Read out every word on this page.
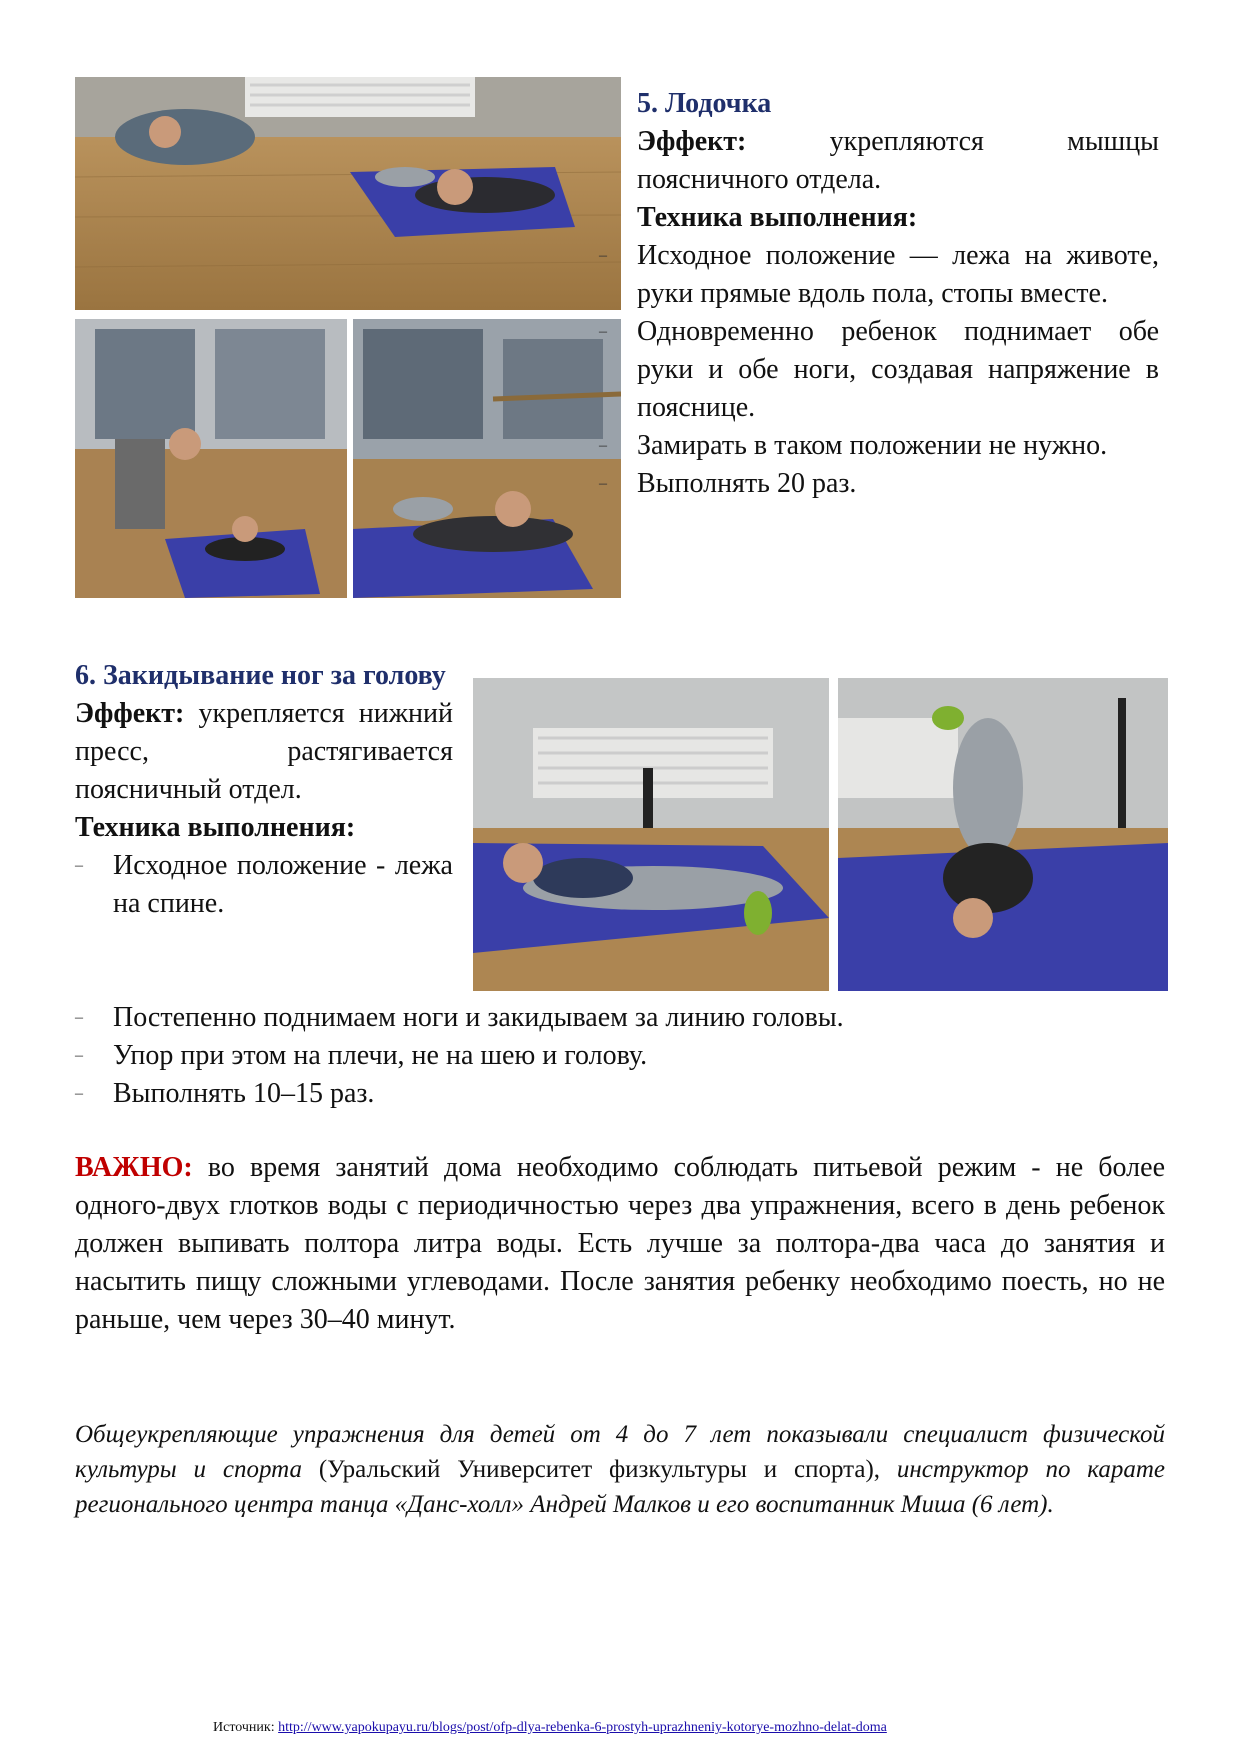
5. Лодочка
Эффект: укрепляются мышцы поясничного отдела.
Техника выполнения:
– Исходное положение — лежа на животе, руки прямые вдоль пола, стопы вместе.
– Одновременно ребенок поднимает обе руки и обе ноги, создавая напряжение в пояснице.
– Замирать в таком положении не нужно.
– Выполнять 20 раз.
6. Закидывание ног за голову
Эффект: укрепляется нижний пресс, растягивается поясничный отдел.
Техника выполнения:
– Исходное положение - лежа на спине.
– Постепенно поднимаем ноги и закидываем за линию головы.
– Упор при этом на плечи, не на шею и голову.
– Выполнять 10–15 раз.
ВАЖНО: во время занятий дома необходимо соблюдать питьевой режим - не более одного-двух глотков воды с периодичностью через два упражнения, всего в день ребенок должен выпивать полтора литра воды. Есть лучше за полтора-два часа до занятия и насытить пищу сложными углеводами. После занятия ребенку необходимо поесть, но не раньше, чем через 30–40 минут.
Общеукрепляющие упражнения для детей от 4 до 7 лет показывали специалист физической культуры и спорта (Уральский Университет физкультуры и спорта), инструктор по карате регионального центра танца «Данс-холл» Андрей Малков и его воспитанник Миша (6 лет).
Источник: http://www.yapokupayu.ru/blogs/post/ofp-dlya-rebenka-6-prostyh-uprazhneniy-kotorye-mozhno-delat-doma
